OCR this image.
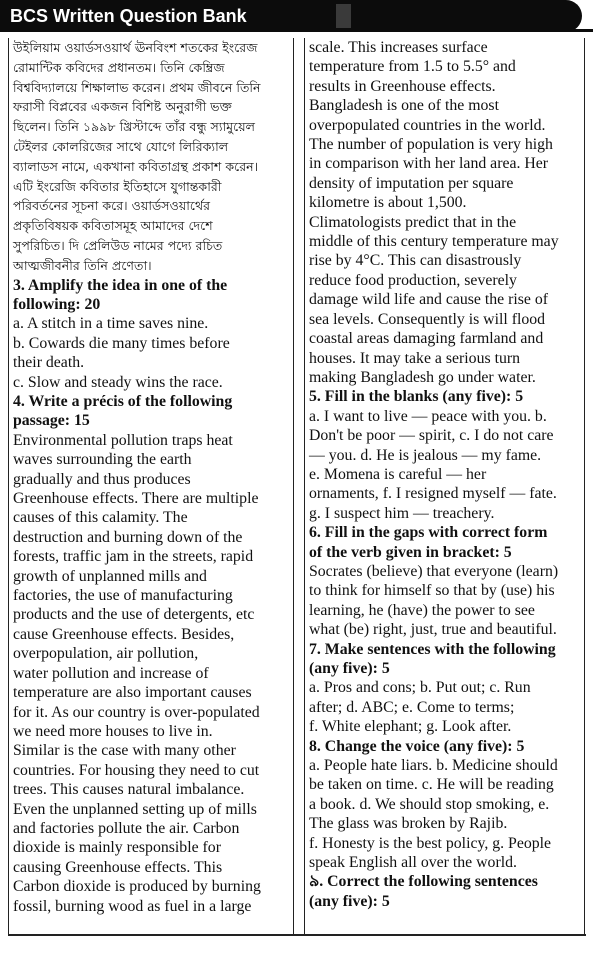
BCS Written Question Bank

উইলিয়াম ওয়ার্ডসওয়ার্থ ঊনবিংশ শতকের ইংরেজ

রোমান্টিক কবিদের প্রধানতম। তিনি কেম্ব্রিজ

বিশ্ববিদ্যালয়ে শিক্ষালাভ করেন। প্রথম জীবনে তিনি

ফরাসী বিপ্লবের একজন বিশিষ্ট অনুরাগী ভক্ত

ছিলেন। তিনি ১৯৯৮ খ্রিস্টাব্দে তাঁর বন্ধু স্যামুয়েল

টেইলর কোলরিজের সাথে যোগে লিরিক্যাল

ব্যালাডস নামে, একখানা কবিতাগ্রন্থ প্রকাশ করেন।

এটি ইংরেজি কবিতার ইতিহাসে যুগান্তকারী

পরিবর্তনের সূচনা করে। ওয়ার্ডসওয়ার্থের

প্রকৃতিবিষয়ক কবিতাসমূহ আমাদের দেশে

সুপরিচিত। দি প্রেলিউড নামের পদ্যে রচিত

আত্মজীবনীর তিনি প্রণেতা।

3. Amplify the idea in one of the

following: 20

a. A stitch in a time saves nine.

b. Cowards die many times before

their death.

c. Slow and steady wins the race.

4. Write a précis of the following

passage: 15

Environmental pollution traps heat

waves surrounding the earth

gradually and thus produces

Greenhouse effects. There are multiple

causes of this calamity. The

destruction and burning down of the

forests, traffic jam in the streets, rapid

growth of unplanned mills and

factories, the use of manufacturing

products and the use of detergents, etc

cause Greenhouse effects. Besides,

overpopulation, air pollution,

water pollution and increase of

temperature are also important causes

for it. As our country is over-populated

we need more houses to live in.

Similar is the case with many other

countries. For housing they need to cut

trees. This causes natural imbalance.

Even the unplanned setting up of mills

and factories pollute the air. Carbon

dioxide is mainly responsible for

causing Greenhouse effects. This

Carbon dioxide is produced by burning

fossil, burning wood as fuel in a large

scale. This increases surface

temperature from 1.5 to 5.5° and

results in Greenhouse effects.

Bangladesh is one of the most

overpopulated countries in the world.

The number of population is very high

in comparison with her land area. Her

density of imputation per square

kilometre is about 1,500.

Climatologists predict that in the

middle of this century temperature may

rise by 4°C. This can disastrously

reduce food production, severely

damage wild life and cause the rise of

sea levels. Consequently is will flood

coastal areas damaging farmland and

houses. It may take a serious turn

making Bangladesh go under water.

5. Fill in the blanks (any five): 5

a. I want to live — peace with you. b.

Don't be poor — spirit, c. I do not care

— you. d. He is jealous — my fame.

e. Momena is careful — her

ornaments, f. I resigned myself — fate.

g. I suspect him — treachery.

6. Fill in the gaps with correct form

of the verb given in bracket: 5

Socrates (believe) that everyone (learn)

to think for himself so that by (use) his

learning, he (have) the power to see

what (be) right, just, true and beautiful.

7. Make sentences with the following

(any five): 5

a. Pros and cons; b. Put out; c. Run

after; d. ABC; e. Come to terms;

f. White elephant; g. Look after.

8. Change the voice (any five): 5

a. People hate liars. b. Medicine should

be taken on time. c. He will be reading

a book. d. We should stop smoking, e.

The glass was broken by Rajib.

f. Honesty is the best policy, g. People

speak English all over the world.

৯. Correct the following sentences

(any five): 5
